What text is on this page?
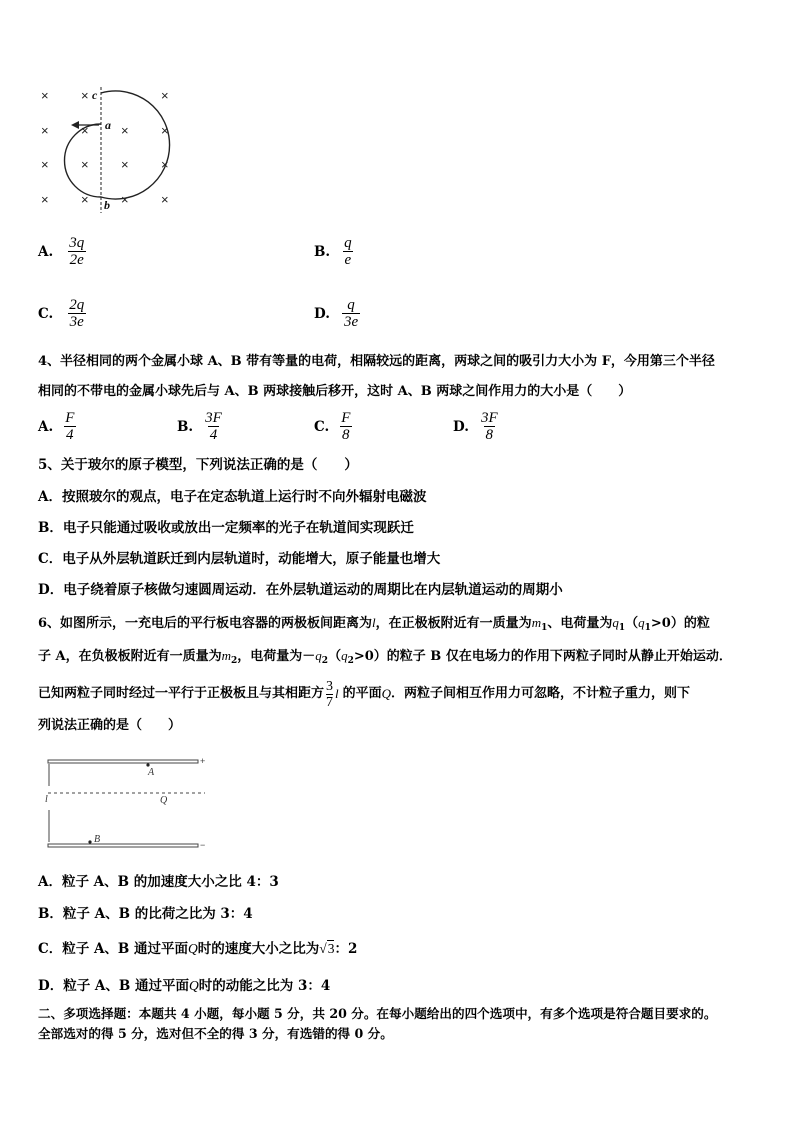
× ×	×
× × × ×
× × × ×
× × × ×
c
a
b
A. $\frac{3q}{2e}$	B. $\frac{q}{e}$
C. $\frac{2q}{3e}$	D. $\frac{q}{3e}$
4、半径相同的两个金属小球 A、B 带有等量的电荷，相隔较远的距离，两球之间的吸引力大小为 F，今用第三个半径
相同的不带电的金属小球先后与 A、B 两球接触后移开，这时 A、B 两球之间作用力的大小是（　　）
A. $\frac{F}{4}$	B. $\frac{3F}{4}$	C. $\frac{F}{8}$	D. $\frac{3F}{8}$
5、关于玻尔的原子模型，下列说法正确的是（　　）
A．按照玻尔的观点，电子在定态轨道上运行时不向外辐射电磁波
B．电子只能通过吸收或放出一定频率的光子在轨道间实现跃迁
C．电子从外层轨道跃迁到内层轨道时，动能增大，原子能量也增大
D．电子绕着原子核做匀速圆周运动．在外层轨道运动的周期比在内层轨道运动的周期小
6、如图所示，一充电后的平行板电容器的两极板间距离为l，在正极板附近有一质量为$m_1$、电荷量为$q_1(q_1>0)$的粒
子 A，在负极板附近有一质量为$m_2$，电荷量为$-q_2(q_2>0)$的粒子 B 仅在电场力的作用下两粒子同时从静止开始运动．
已知两粒子同时经过一平行于正极板且与其相距方 3
7
l 的平面 Q ．两粒子间相互作用力可忽略，不计粒子重力，则下
列说法正确的是（　　）
A
Q
B
l
+
−
A．粒子 A、B 的加速度大小之比 4：3
B．粒子 A、B 的比荷之比为 3：4
C．粒子 A、B 通过平面Q时的速度大小之比为√3：2
D．粒子 A、B 通过平面Q时的动能之比为 3：4
二、多项选择题：本题共 4 小题，每小题 5 分，共 20 分。在每小题给出的四个选项中，有多个选项是符合题目要求的。
全部选对的得 5 分，选对但不全的得 3 分，有选错的得 0 分。
